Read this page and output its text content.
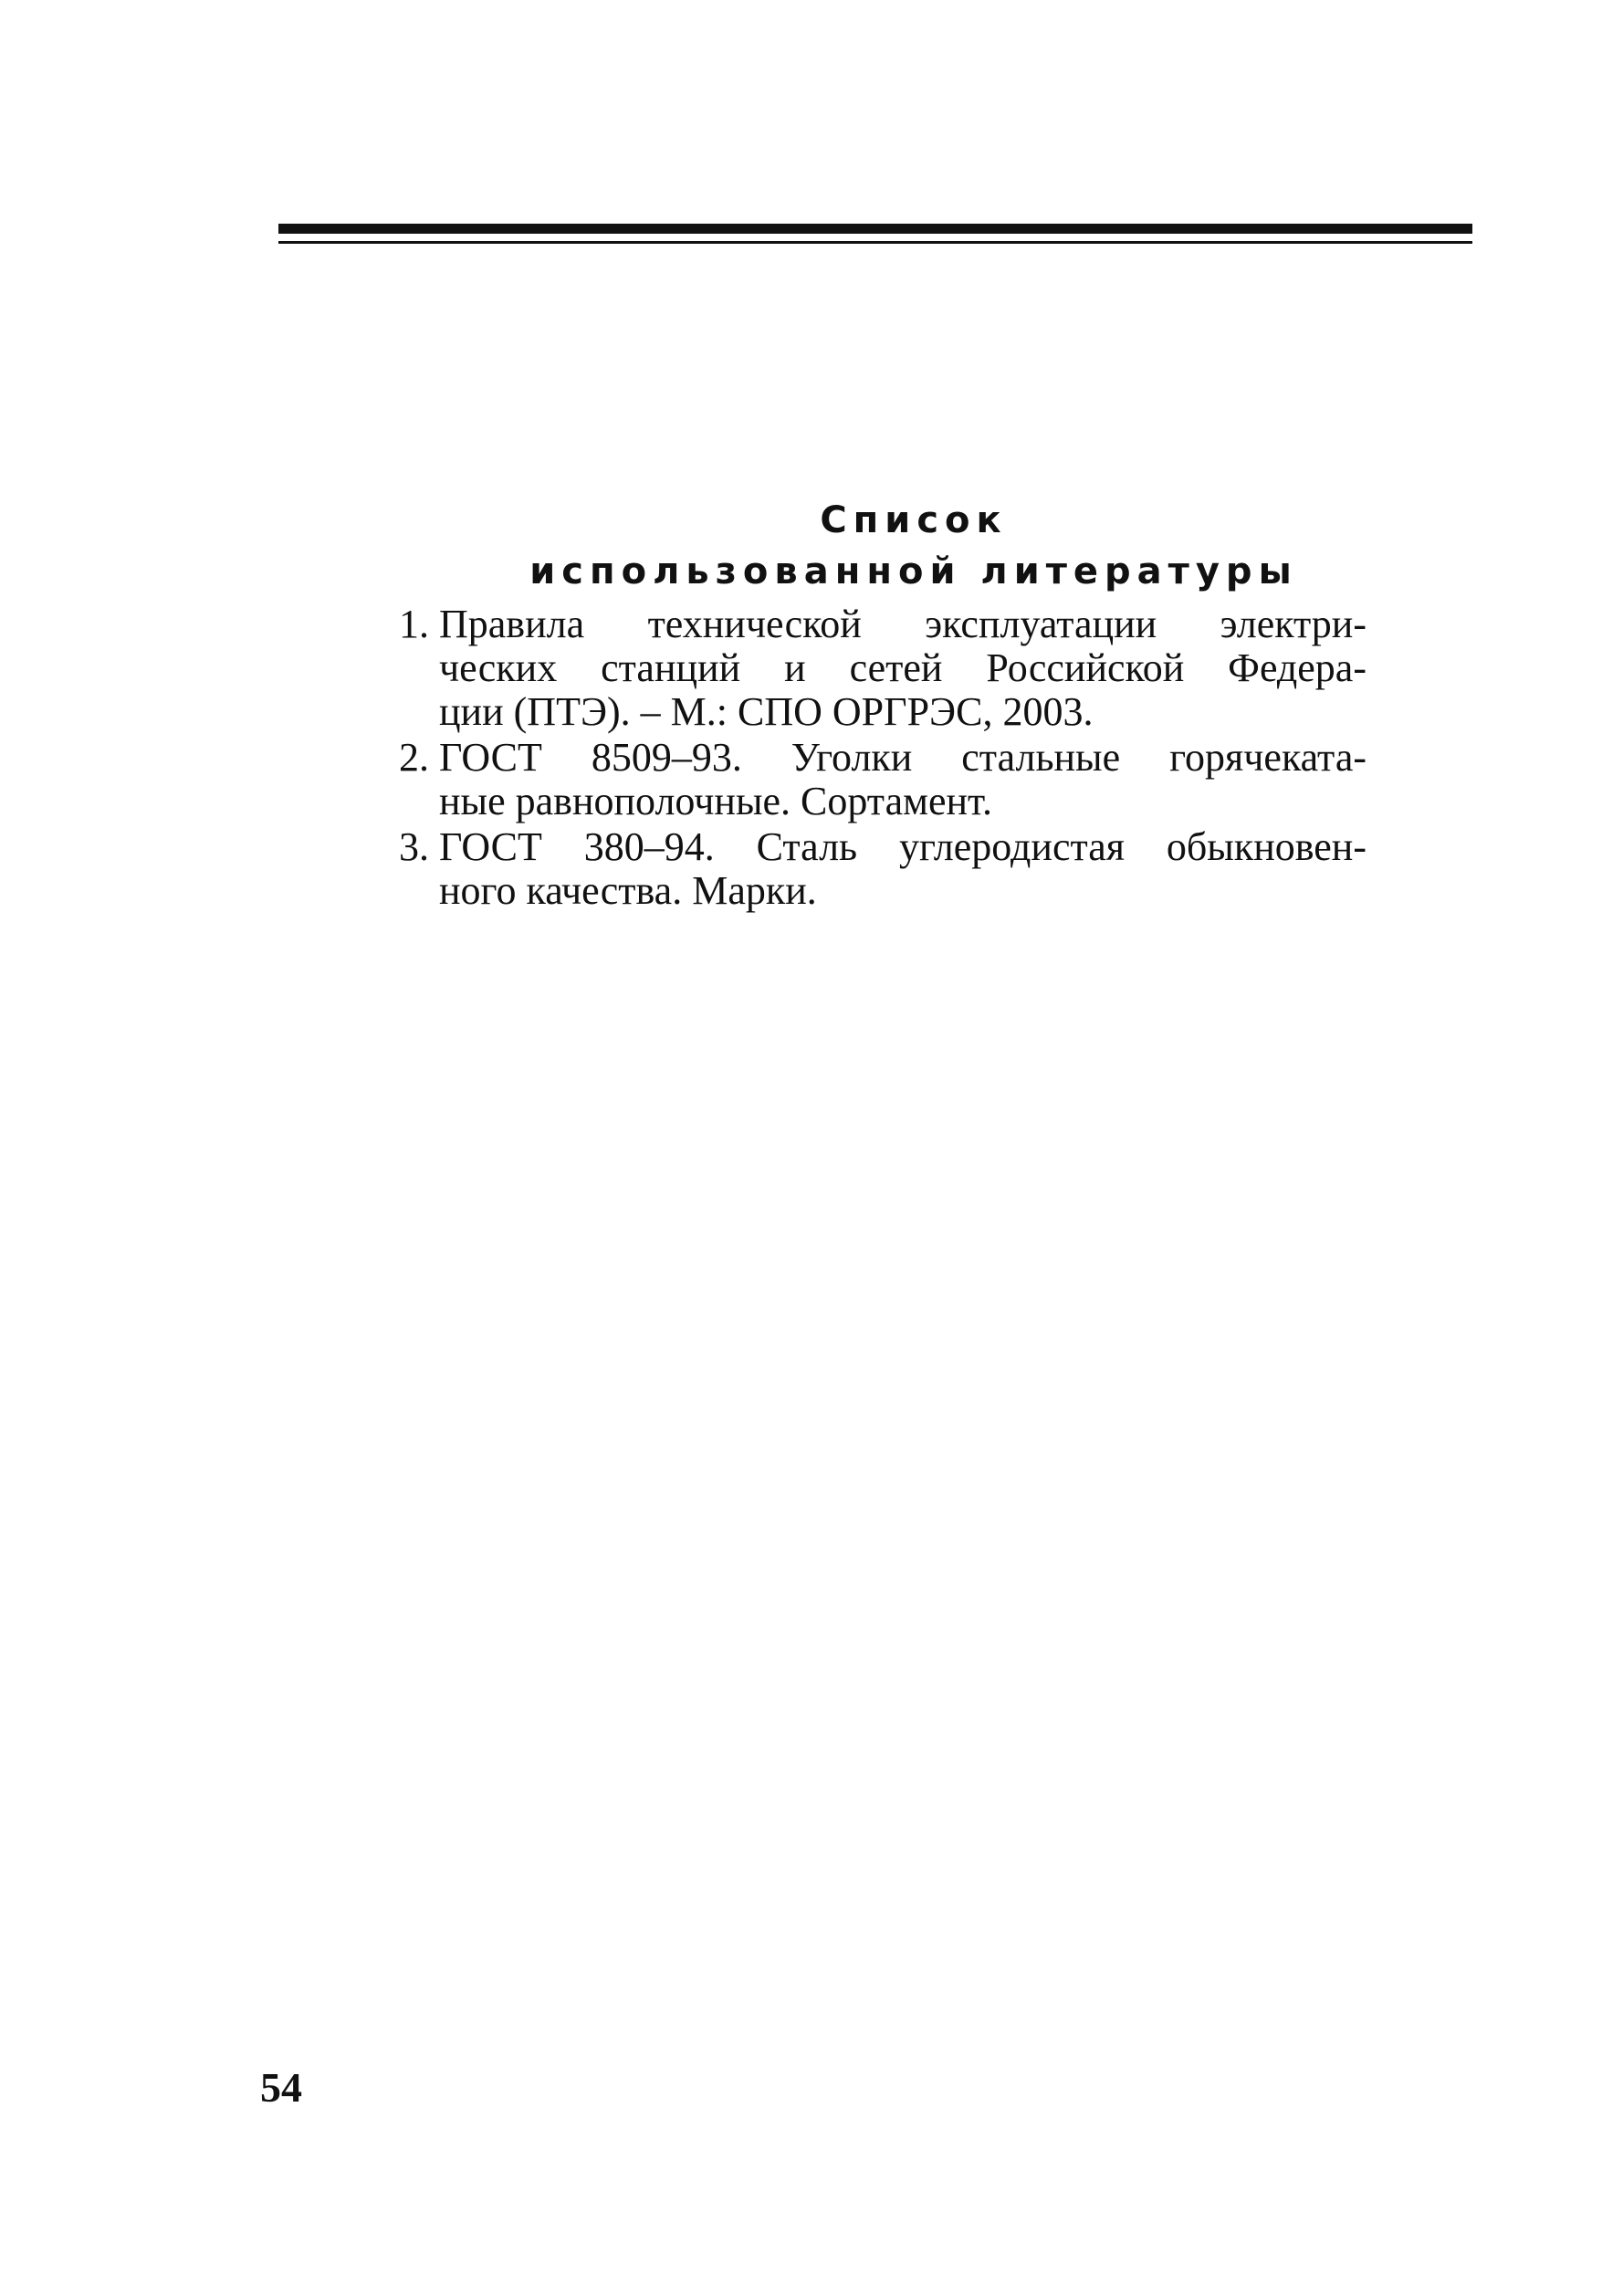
Список
использованной литературы
1. Правила технической эксплуатации электри-
ческих станций и сетей Российской Федера-
ции (ПТЭ). – М.: СПО ОРГРЭС, 2003.
2. ГОСТ 8509–93. Уголки стальные горячеката-
ные равнополочные. Сортамент.
3. ГОСТ 380–94. Сталь углеродистая обыкновен-
ного качества. Марки.
54
